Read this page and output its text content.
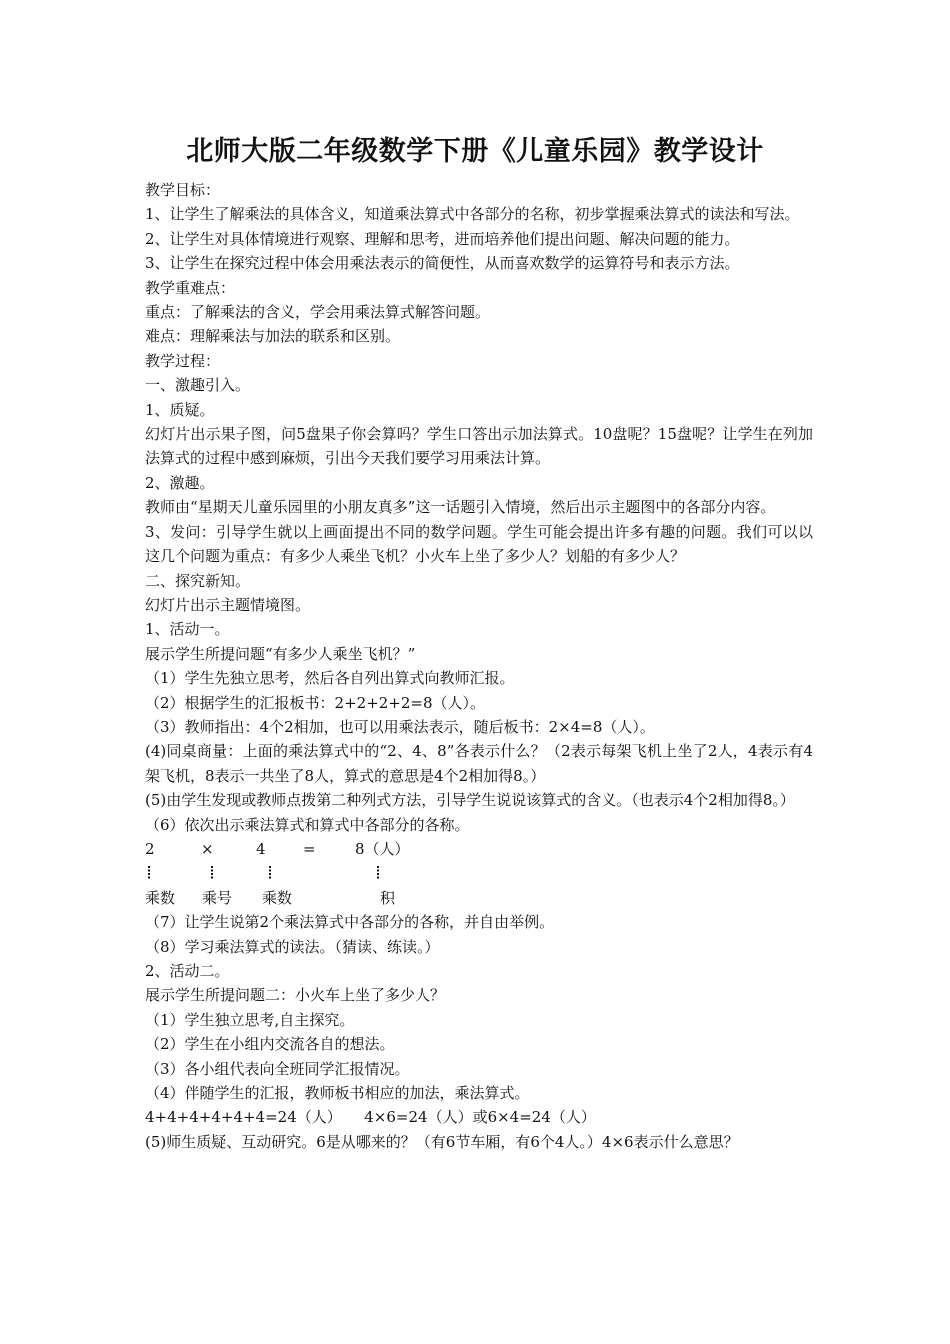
北师大版二年级数学下册《儿童乐园》教学设计

教学目标：

1、让学生了解乘法的具体含义，知道乘法算式中各部分的名称，初步掌握乘法算式的读法和写法。

2、让学生对具体情境进行观察、理解和思考，进而培养他们提出问题、解决问题的能力。

3、让学生在探究过程中体会用乘法表示的简便性，从而喜欢数学的运算符号和表示方法。

教学重难点：

重点：了解乘法的含义，学会用乘法算式解答问题。

难点：理解乘法与加法的联系和区别。

教学过程：

一、激趣引入。

1、质疑。

幻灯片出示果子图，问5盘果子你会算吗？学生口答出示加法算式。10盘呢？15盘呢？让学生在列加法算式的过程中感到麻烦，引出今天我们要学习用乘法计算。

2、激趣。

教师由“星期天儿童乐园里的小朋友真多”这一话题引入情境，然后出示主题图中的各部分内容。

3、发问：引导学生就以上画面提出不同的数学问题。学生可能会提出许多有趣的问题。我们可以以这几个问题为重点：有多少人乘坐飞机？小火车上坐了多少人？划船的有多少人？

二、探究新知。

幻灯片出示主题情境图。

1、活动一。

展示学生所提问题“有多少人乘坐飞机？”

（1）学生先独立思考，然后各自列出算式向教师汇报。

（2）根据学生的汇报板书：2+2+2+2=8（人）。

（3）教师指出：4个2相加，也可以用乘法表示，随后板书：2×4=8（人）。

(4)同桌商量：上面的乘法算式中的“2、4、8”各表示什么？（2表示每架飞机上坐了2人，4表示有4架飞机，8表示一共坐了8人，算式的意思是4个2相加得8。）

(5)由学生发现或教师点拨第二种列式方法，引导学生说说该算式的含义。（也表示4个2相加得8。）

（6）依次出示乘法算式和算式中各部分的各称。

2	×	4 =	8（人）
乘数 乘号 乘数	积

（7）让学生说第2个乘法算式中各部分的各称，并自由举例。

（8）学习乘法算式的读法。（猜读、练读。）

2、活动二。

展示学生所提问题二：小火车上坐了多少人？

（1）学生独立思考,自主探究。

（2）学生在小组内交流各自的想法。

（3）各小组代表向全班同学汇报情况。

（4）伴随学生的汇报，教师板书相应的加法，乘法算式。

4+4+4+4+4+4=24（人）　　4×6=24（人）或6×4=24（人）

(5)师生质疑、互动研究。6是从哪来的？（有6节车厢，有6个4人。）4×6表示什么意思？
